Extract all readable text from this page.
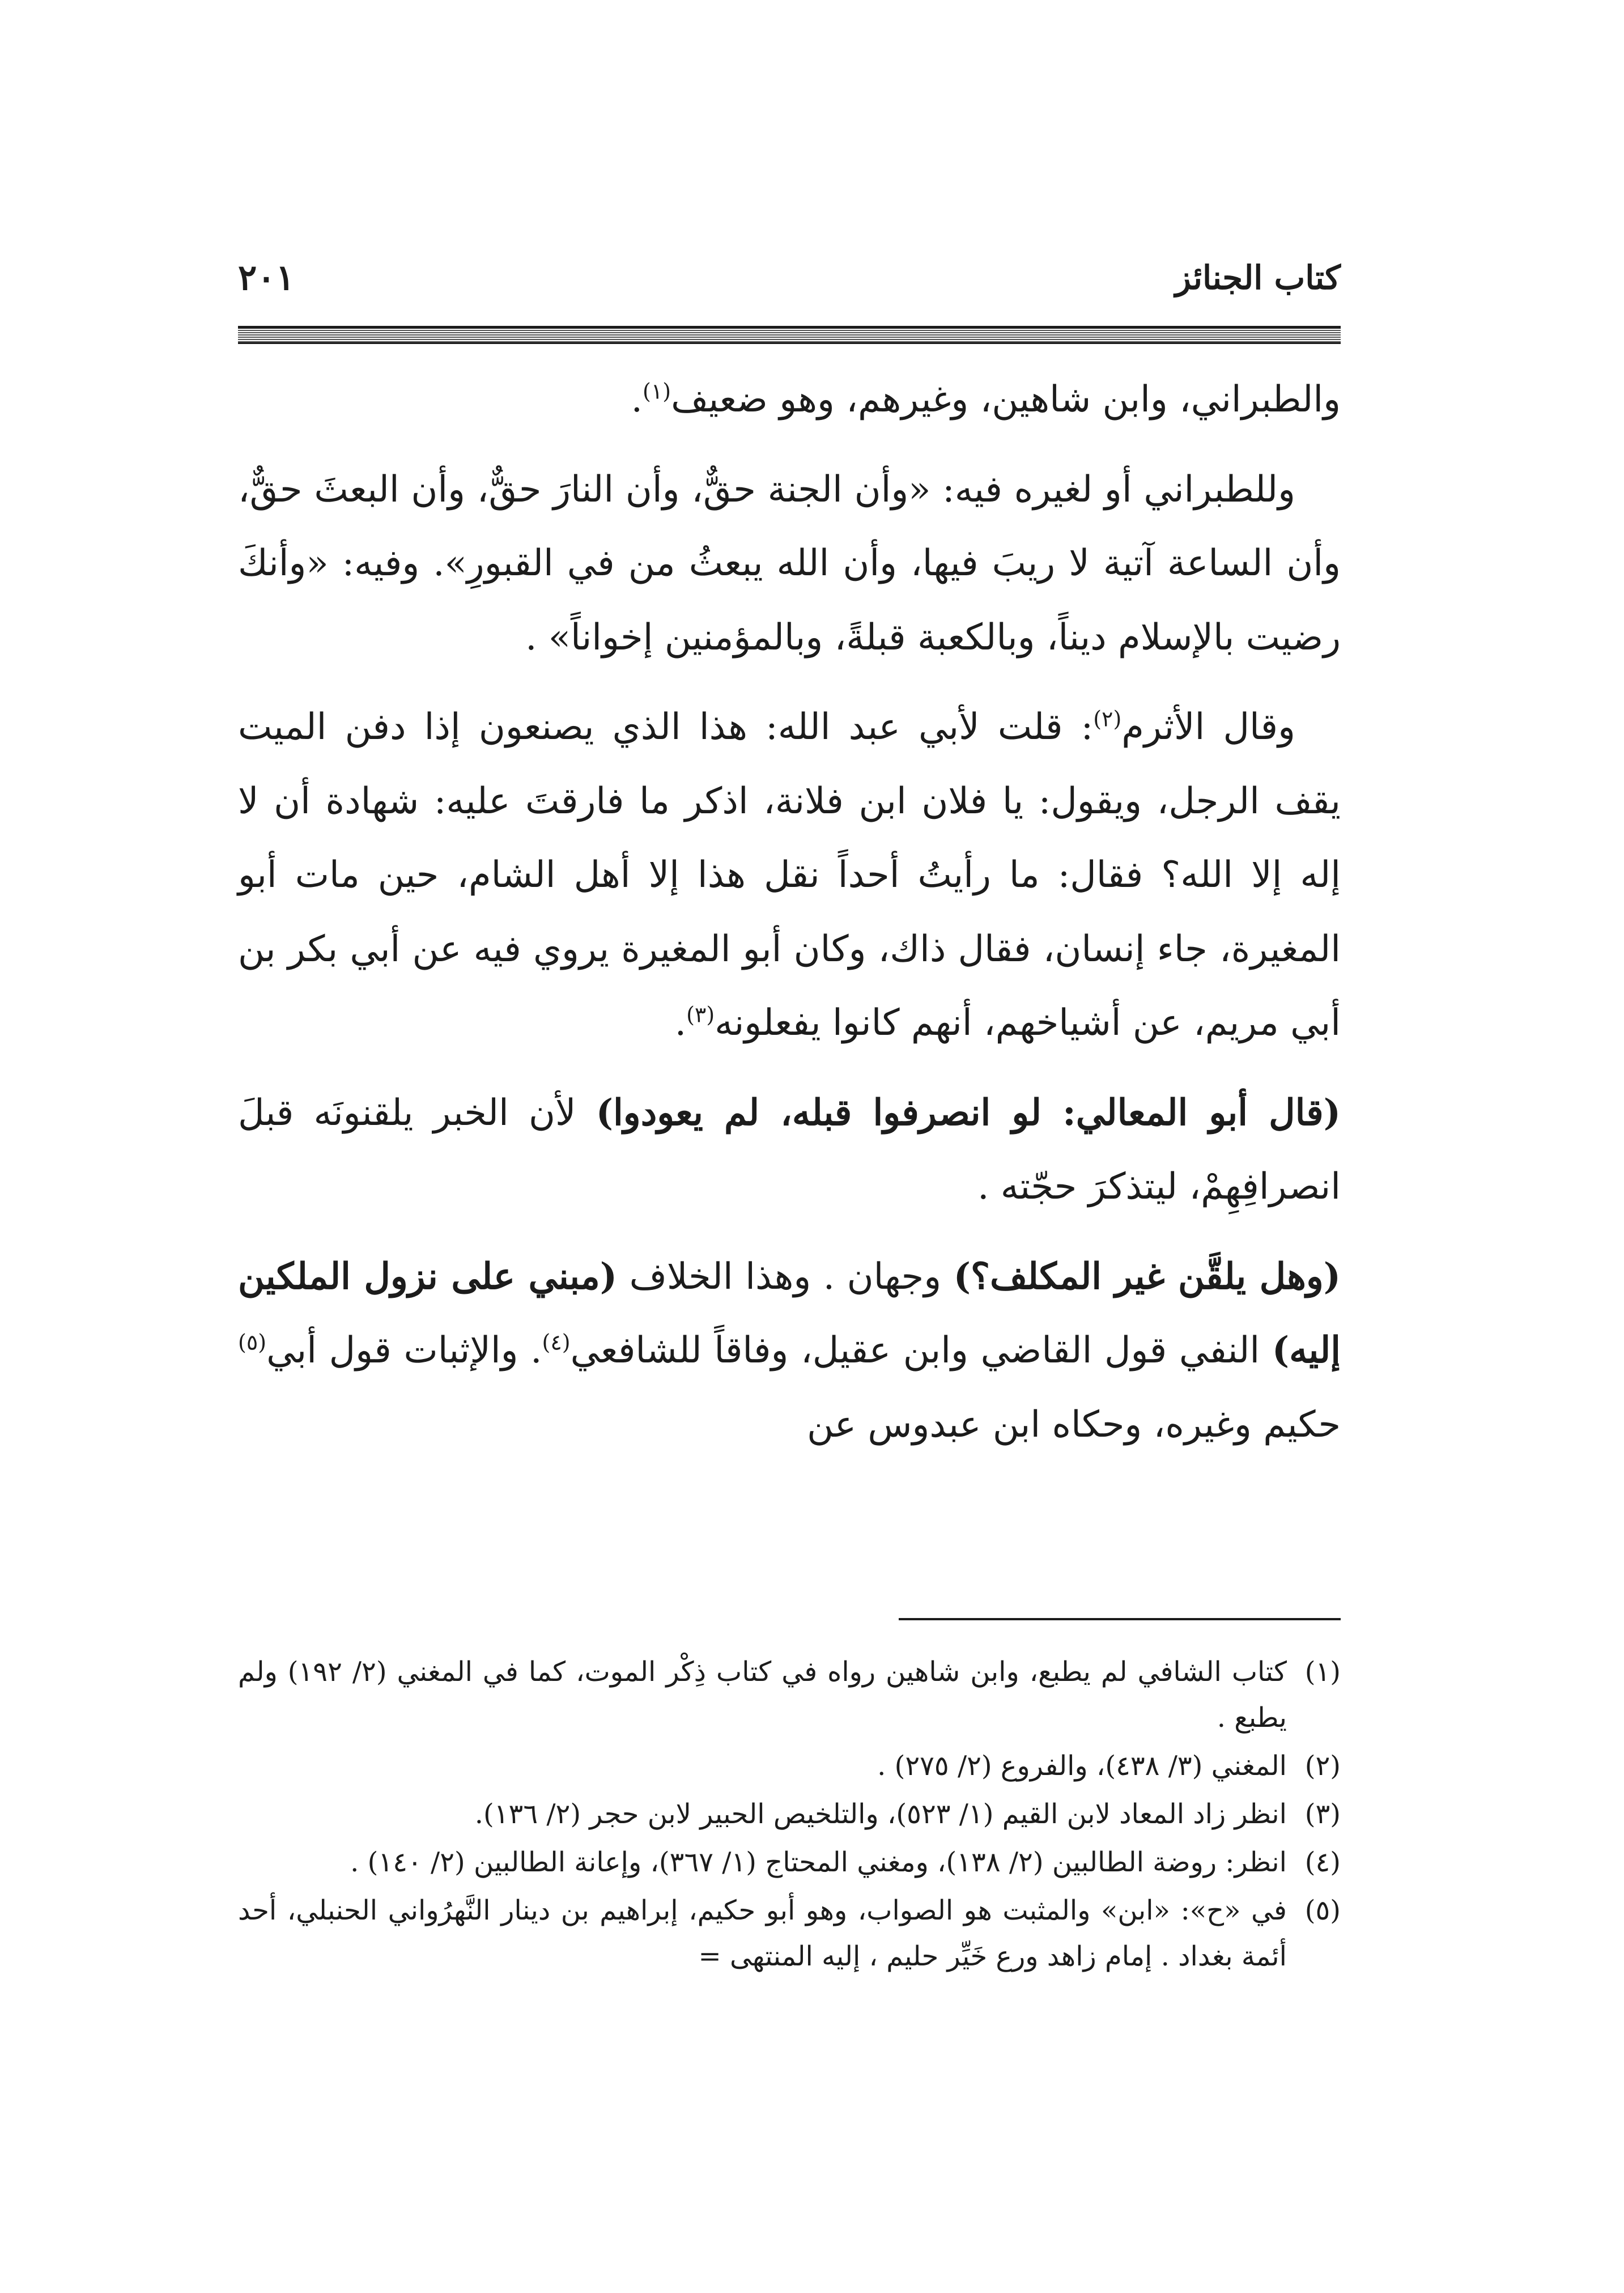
كتاب الجنائز
٢٠١

والطبراني، وابن شاهين، وغيرهم، وهو ضعيف$^{(١)}$.

وللطبراني أو لغيره فيه: «وأن الجنة حقٌّ، وأن النارَ حقٌّ، وأن البعثَ حقٌّ، وأن الساعة آتية لا ريبَ فيها، وأن الله يبعثُ من في القبورِ». وفيه: «وأنكَ رضيت بالإسلام ديناً، وبالكعبة قبلةً، وبالمؤمنين إخواناً» .

وقال الأثرم$^{(٢)}$: قلت لأبي عبد الله: هذا الذي يصنعون إذا دفن الميت يقف الرجل، ويقول: يا فلان ابن فلانة، اذكر ما فارقتَ عليه: شهادة أن لا إله إلا الله؟ فقال: ما رأيتُ أحداً نقل هذا إلا أهل الشام، حين مات أبو المغيرة، جاء إنسان، فقال ذاك، وكان أبو المغيرة يروي فيه عن أبي بكر بن أبي مريم، عن أشياخهم، أنهم كانوا يفعلونه$^{(٣)}$.

(قال أبو المعالي: لو انصرفوا قبله، لم يعودوا) لأن الخبر يلقنونَه قبلَ انصرافِهِمْ، ليتذكرَ حجّته .

(وهل يلقَّن غير المكلف؟) وجهان . وهذا الخلاف (مبني على نزول الملكين إليه) النفي قول القاضي وابن عقيل، وفاقاً للشافعي$^{(٤)}$. والإثبات قول أبي$^{(٥)}$ حكيم وغيره، وحكاه ابن عبدوس عن

(١)
كتاب الشافي لم يطبع، وابن شاهين رواه في كتاب ذِكْر الموت، كما في المغني (٢/ ١٩٢) ولم يطبع .
(٢)
المغني (٣/ ٤٣٨)، والفروع (٢/ ٢٧٥) .
(٣)
انظر زاد المعاد لابن القيم (١/ ٥٢٣)، والتلخيص الحبير لابن حجر (٢/ ١٣٦).
(٤)
انظر: روضة الطالبين (٢/ ١٣٨)، ومغني المحتاج (١/ ٣٦٧)، وإعانة الطالبين (٢/ ١٤٠) .
(٥)
في «ح»: «ابن» والمثبت هو الصواب، وهو أبو حكيم، إبراهيم بن دينار النَّهرُواني الحنبلي، أحد أئمة بغداد . إمام زاهد ورع خَيِّر حليم ، إليه المنتهى =
